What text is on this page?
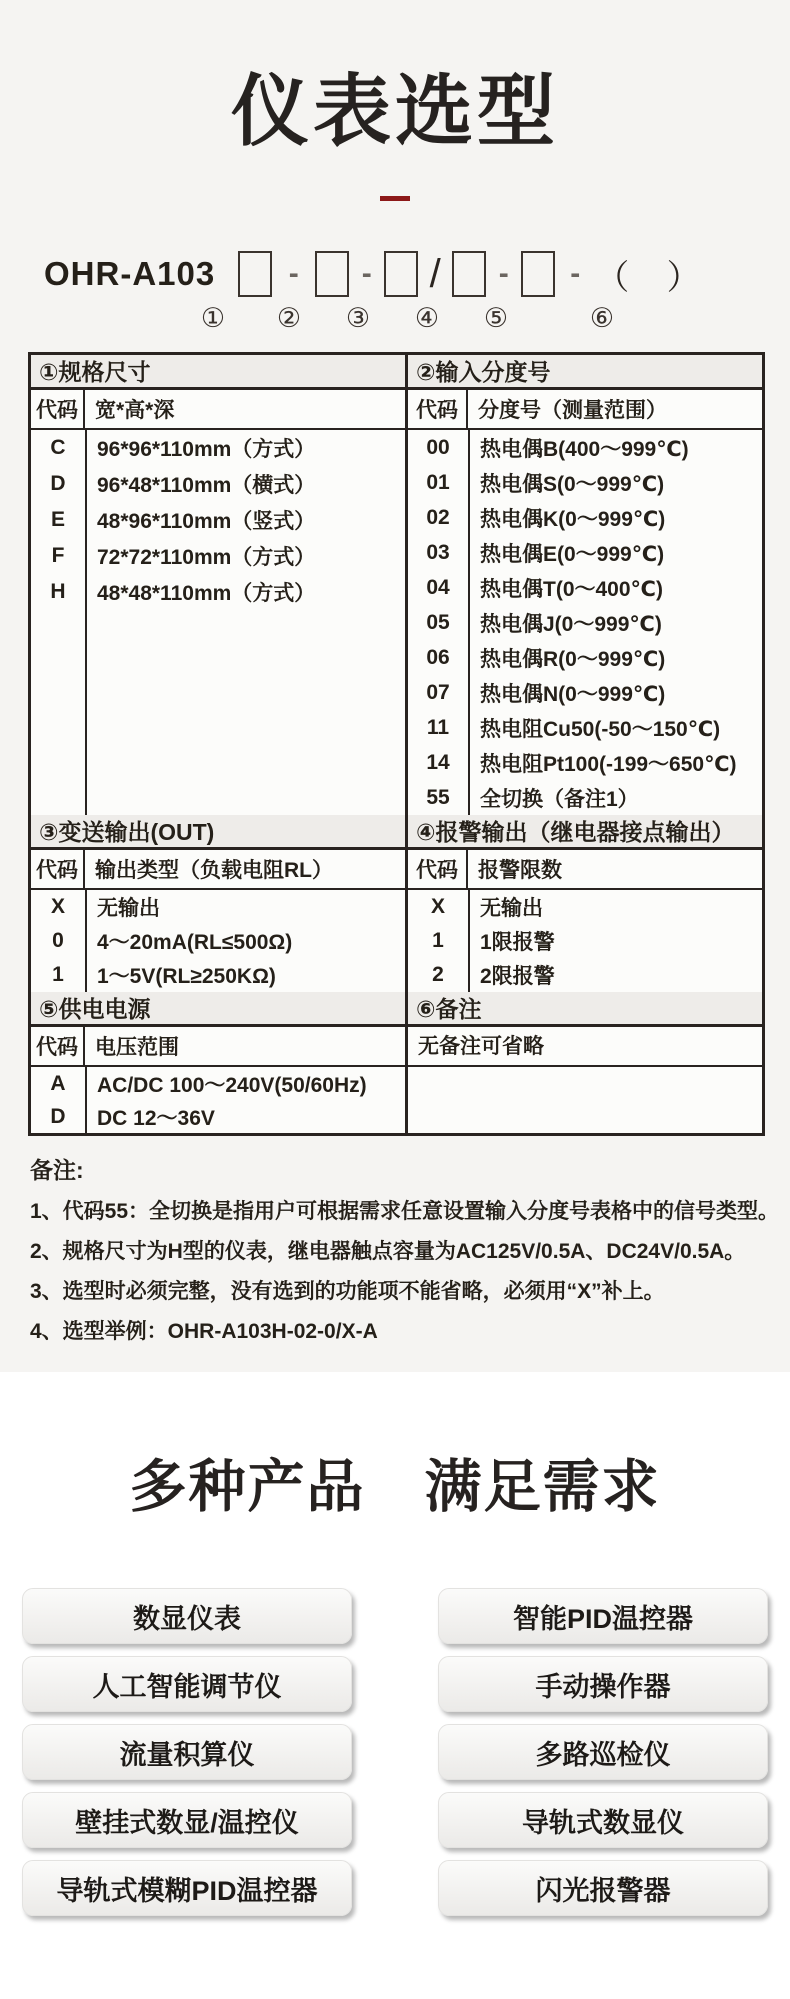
仪表选型
OHR-A103	-	-	/	-	- （ ）
① ② ③ ④ ⑤	⑥
①规格尺寸
代码 宽*高*深
C	96*96*110mm（方式）
D	96*48*110mm（横式）
E	48*96*110mm（竖式）
F	72*72*110mm（方式）
H	48*48*110mm（方式）
②输入分度号
代码 分度号（测量范围）
00	热电偶B(400～999℃)
01	热电偶S(0～999℃)
02	热电偶K(0～999℃)
03	热电偶E(0～999℃)
04	热电偶T(0～400℃)
05	热电偶J(0～999℃)
06	热电偶R(0～999℃)
07	热电偶N(0～999℃)
11	热电阻Cu50(-50～150℃)
14	热电阻Pt100(-199～650℃)
55	全切换（备注1）
③变送输出(OUT)
代码 输出类型（负载电阻RL）
X	无输出
0	4～20mA(RL≤500Ω)
1	1～5V(RL≥250KΩ)
④报警输出（继电器接点输出）
代码 报警限数
X	无输出
1	1限报警
2	2限报警
⑤供电电源
代码 电压范围
A	AC/DC 100～240V(50/60Hz)
D	DC 12～36V
⑥备注
无备注可省略
备注:
1、代码55：全切换是指用户可根据需求任意设置输入分度号表格中的信号类型。
2、规格尺寸为H型的仪表，继电器触点容量为AC125V/0.5A、DC24V/0.5A。
3、选型时必须完整，没有选到的功能项不能省略，必须用“X”补上。
4、选型举例：OHR-A103H-02-0/X-A
多种产品　满足需求
数显仪表
人工智能调节仪
流量积算仪
壁挂式数显/温控仪
导轨式模糊PID温控器
智能PID温控器
手动操作器
多路巡检仪
导轨式数显仪
闪光报警器
